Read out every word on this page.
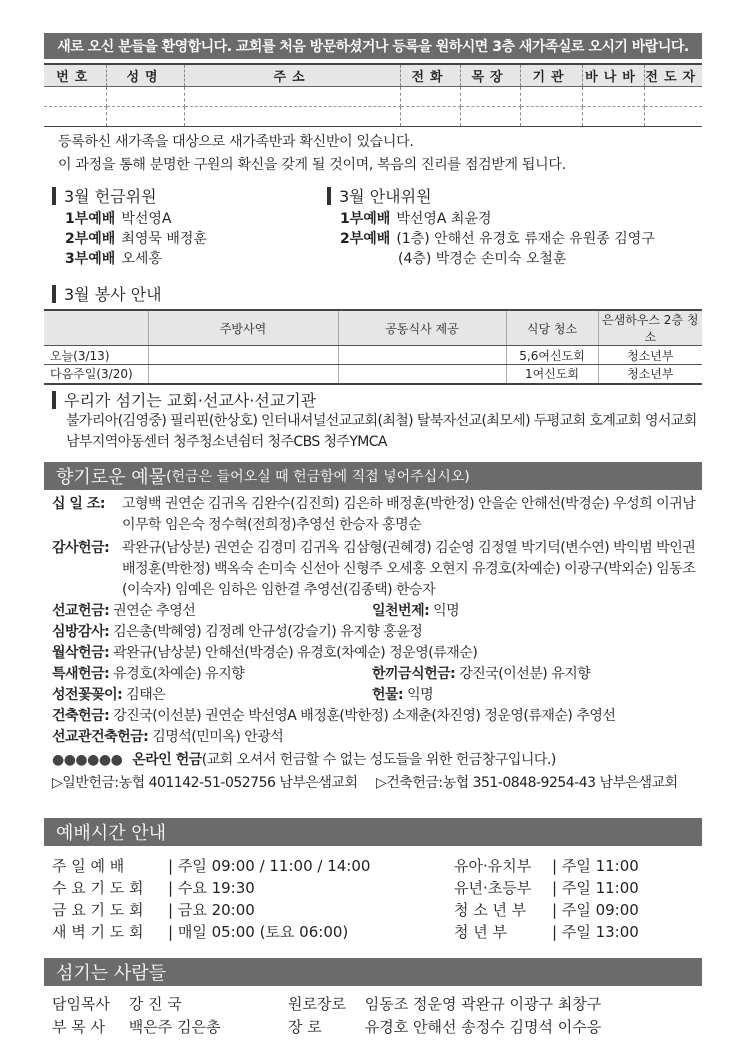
새로 오신 분들을 환영합니다. 교회를 처음 방문하셨거나 등록을 원하시면 3층 새가족실로 오시기 바랍니다.
번호	성명	주소	전화	목장	기관	바나바	전도자

등록하신 새가족을 대상으로 새가족반과 확신반이 있습니다.
이 과정을 통해 분명한 구원의 확신을 갖게 될 것이며, 복음의 진리를 점검받게 됩니다.
3월 헌금위원
1부예배 박선영A
2부예배 최영묵 배정훈
3부예배 오세홍
3월 안내위원
1부예배 박선영A 최윤경
2부예배 (1층) 안해선 유경호 류재순 유원종 김영구
(4층) 박경순 손미숙 오철훈
3월 봉사 안내
	주방사역	공동식사 제공	식당 청소	은샘하우스 2층 청소
오늘(3/13)			5,6여신도회	청소년부
다음주일(3/20)			1여신도회	청소년부
우리가 섬기는 교회·선교사·선교기관
불가리아(김영중) 필리핀(한상호) 인터내셔널선교교회(최철) 탈북자선교(최모세) 두평교회 호계교회 영서교회
남부지역아동센터 청주청소년쉼터 청주CBS 청주YMCA
향기로운 예물 (헌금은 들어오실 때 헌금함에 직접 넣어주십시오)
십 일 조:	고형백 권연순 김귀옥 김완수(김진희) 김은하 배정훈(박한정) 안을순 안해선(박경순) 우성희 이귀남
이무학 임은숙 정수혁(전희정)추영선 한승자 홍명순
감사헌금: 곽완규(남상분) 권연순 김경미 김귀옥 김삼형(권혜경) 김순영 김정열 박기덕(변수연) 박익범 박인권
배정훈(박한정) 백옥숙 손미숙 신선아 신형주 오세홍 오현지 유경호(차예순) 이광구(박외순) 임동조
(이숙자) 임예은 임하은 임한결 추영선(김종택) 한승자
선교헌금: 권연순 추영선	일천번제: 익명
심방감사: 김은총(박혜영) 김정례 안규성(강슬기) 유지향 홍윤정
월삭헌금: 곽완규(남상분) 안해선(박경순) 유경호(차예순) 정운영(류재순)
특새헌금: 유경호(차예순) 유지향	한끼금식헌금: 강진국(이선분) 유지향
성전꽃꽂이: 김태은	헌물: 익명
건축헌금: 강진국(이선분) 권연순 박선영A 배정훈(박한정) 소재춘(차진영) 정운영(류재순) 추영선
선교관건축헌금: 김명석(민미옥) 안광석
●●●●●● 온라인 헌금(교회 오셔서 헌금할 수 없는 성도들을 위한 헌금창구입니다.)
▷일반헌금:농협 401142-51-052756 남부은샘교회	▷건축헌금:농협 351-0848-9254-43 남부은샘교회
예배시간 안내
주 일 예 배	| 주일 09:00 / 11:00 / 14:00	유아·유치부 | 주일 11:00
수 요 기 도 회 | 수요 19:30	유년·초등부 | 주일 11:00
금 요 기 도 회 | 금요 20:00	청 소 년 부 | 주일 09:00
새 벽 기 도 회 | 매일 05:00 (토요 06:00)	청 년 부	| 주일 13:00
섬기는 사람들
담임목사 강 진 국	원로장로 임동조 정운영 곽완규 이광구 최창구
부 목 사 백은주 김은총	장 로	유경호 안해선 송정수 김명석 이수응
